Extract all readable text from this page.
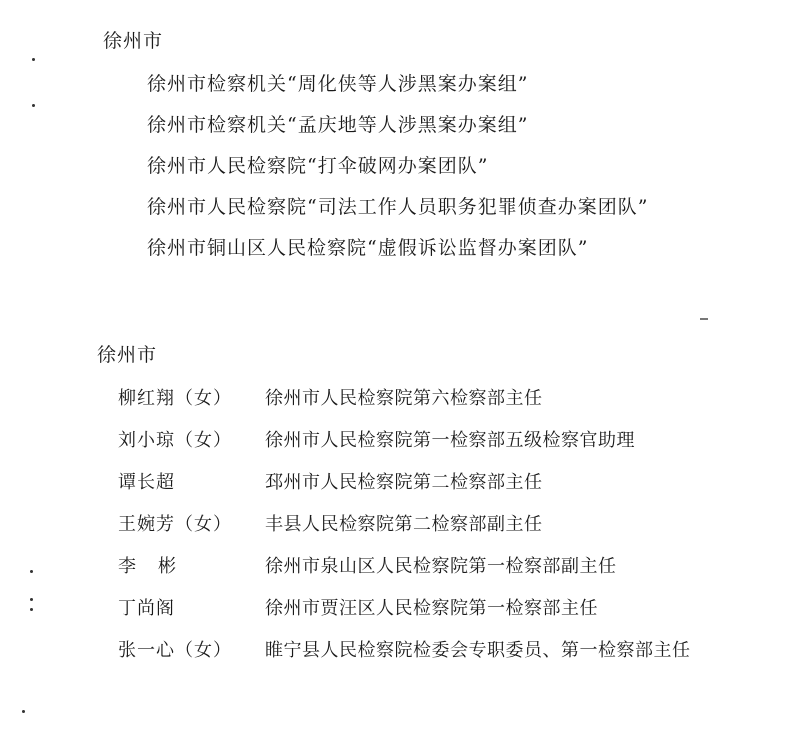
徐州市
徐州市检察机关“周化侠等人涉黑案办案组”
徐州市检察机关“孟庆地等人涉黑案办案组”
徐州市人民检察院“打伞破网办案团队”
徐州市人民检察院“司法工作人员职务犯罪侦查办案团队”
徐州市铜山区人民检察院“虚假诉讼监督办案团队”
徐州市
柳红翔（女） 徐州市人民检察院第六检察部主任
刘小琼（女） 徐州市人民检察院第一检察部五级检察官助理
谭长超	邳州市人民检察院第二检察部主任
王婉芳（女） 丰县人民检察院第二检察部副主任
李彬	徐州市泉山区人民检察院第一检察部副主任
丁尚阁	徐州市贾汪区人民检察院第一检察部主任
张一心（女） 睢宁县人民检察院检委会专职委员、第一检察部主任
